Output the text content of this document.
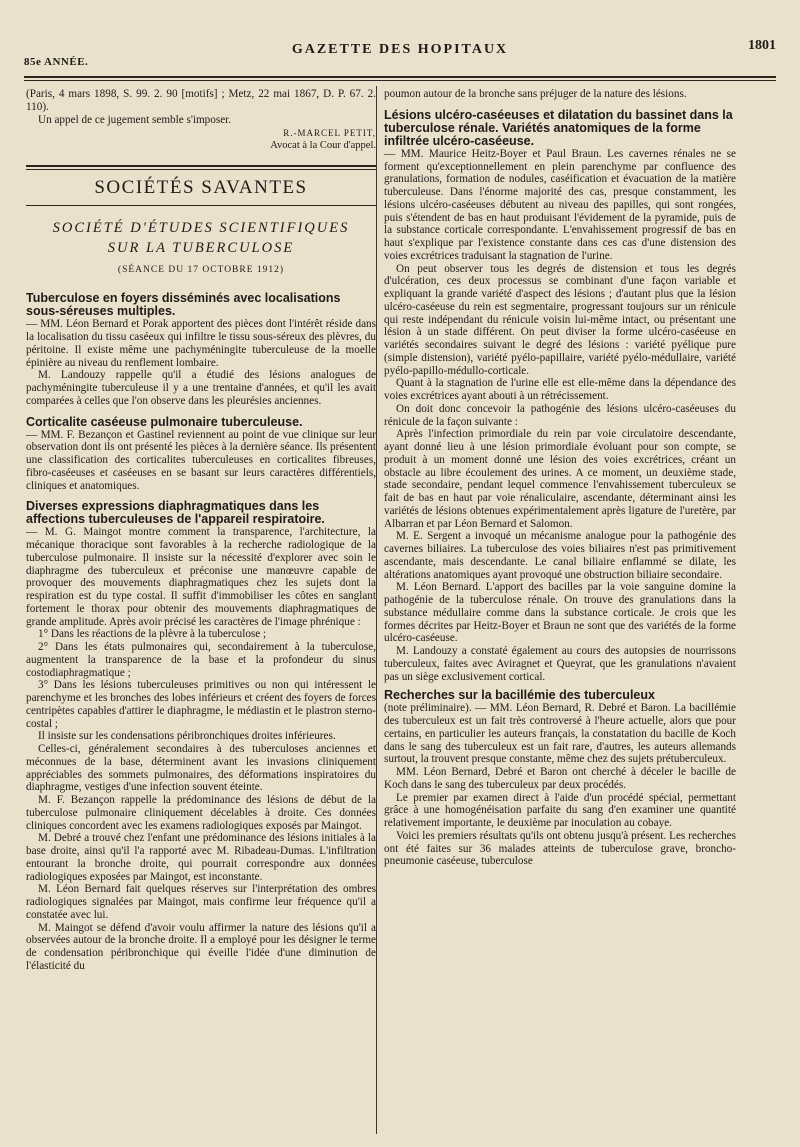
85e ANNÉE.
GAZETTE DES HOPITAUX	1801

(Paris, 4 mars 1898, S. 99. 2. 90 [motifs] ; Metz, 22 mai 1867, D. P. 67. 2. 110).

Un appel de ce jugement semble s'imposer.

R.-MARCEL PETIT,
Avocat à la Cour d'appel.
SOCIÉTÉS SAVANTES
SOCIÉTÉ D'ÉTUDES SCIENTIFIQUES
SUR LA TUBERCULOSE
(SÉANCE DU 17 OCTOBRE 1912)
Tuberculose en foyers disséminés avec localisations sous-séreuses multiples.

— MM. Léon Bernard et Porak apportent des pièces dont l'intérêt réside dans la localisation du tissu caséeux qui infiltre le tissu sous-séreux des plèvres, du péritoine. Il existe même une pachyméningite tuberculeuse de la moelle épinière au niveau du renflement lombaire.

M. Landouzy rappelle qu'il a étudié des lésions analogues de pachyméningite tuberculeuse il y a une trentaine d'années, et qu'il les avait comparées à celles que l'on observe dans les pleurésies anciennes.

Corticalite caséeuse pulmonaire tuberculeuse.

— MM. F. Bezançon et Gastinel reviennent au point de vue clinique sur leur observation dont ils ont présenté les pièces à la dernière séance. Ils présentent une classification des corticalites tuberculeuses en corticalites fibreuses, fibro-caséeuses et caséeuses en se basant sur leurs caractères différentiels, cliniques et anatomiques.

Diverses expressions diaphragmatiques dans les affections tuberculeuses de l'appareil respiratoire.

— M. G. Maingot montre comment la transparence, l'architecture, la mécanique thoracique sont favorables à la recherche radiologique de la tuberculose pulmonaire. Il insiste sur la nécessité d'explorer avec soin le diaphragme des tuberculeux et préconise une manœuvre capable de provoquer des mouvements diaphragmatiques chez les sujets dont la respiration est du type costal. Il suffit d'immobiliser les côtes en sanglant fortement le thorax pour obtenir des mouvements diaphragmatiques de grande amplitude. Après avoir précisé les caractères de l'image phrénique :

1° Dans les réactions de la plèvre à la tuberculose ;

2° Dans les états pulmonaires qui, secondairement à la tuberculose, augmentent la transparence de la base et la profondeur du sinus costodiaphragmatique ;

3° Dans les lésions tuberculeuses primitives ou non qui intéressent le parenchyme et les bronches des lobes inférieurs et créent des foyers de forces centripètes capables d'attirer le diaphragme, le médiastin et le plastron sterno-costal ;

Il insiste sur les condensations péribronchiques droites inférieures.

Celles-ci, généralement secondaires à des tuberculoses anciennes et méconnues de la base, déterminent avant les invasions cliniquement appréciables des sommets pulmonaires, des déformations inspiratoires du diaphragme, vestiges d'une infection souvent éteinte.

M. F. Bezançon rappelle la prédominance des lésions de début de la tuberculose pulmonaire cliniquement décelables à droite. Ces données cliniques concordent avec les examens radiologiques exposés par Maingot.

M. Debré a trouvé chez l'enfant une prédominance des lésions initiales à la base droite, ainsi qu'il l'a rapporté avec M. Ribadeau-Dumas. L'infiltration entourant la bronche droite, qui pourrait correspondre aux données radiologiques exposées par Maingot, est inconstante.

M. Léon Bernard fait quelques réserves sur l'interprétation des ombres radiologiques signalées par Maingot, mais confirme leur fréquence qu'il a constatée avec lui.

M. Maingot se défend d'avoir voulu affirmer la nature des lésions qu'il a observées autour de la bronche droite. Il a employé pour les désigner le terme de condensation péribronchique qui éveille l'idée d'une diminution de l'élasticité du

poumon autour de la bronche sans préjuger de la nature des lésions.

Lésions ulcéro-caséeuses et dilatation du bassinet dans la tuberculose rénale. Variétés anatomiques de la forme infiltrée ulcéro-caséeuse.

— MM. Maurice Heitz-Boyer et Paul Braun. Les cavernes rénales ne se forment qu'exceptionnellement en plein parenchyme par confluence des granulations, formation de nodules, caséification et évacuation de la matière tuberculeuse. Dans l'énorme majorité des cas, presque constamment, les lésions ulcéro-caséeuses débutent au niveau des papilles, qui sont rongées, puis s'étendent de bas en haut produisant l'évidement de la pyramide, puis de la substance corticale correspondante. L'envahissement progressif de bas en haut s'explique par l'existence constante dans ces cas d'une distension des voies excrétrices traduisant la stagnation de l'urine.

On peut observer tous les degrés de distension et tous les degrés d'ulcération, ces deux processus se combinant d'une façon variable et expliquant la grande variété d'aspect des lésions ; d'autant plus que la lésion ulcéro-caséeuse du rein est segmentaire, progressant toujours sur un rénicule qui reste indépendant du rénicule voisin lui-même intact, ou présentant une lésion à un stade différent. On peut diviser la forme ulcéro-caséeuse en variétés secondaires suivant le degré des lésions : variété pyélique pure (simple distension), variété pyélo-papillaire, variété pyélo-médullaire, variété pyélo-papillo-médullo-corticale.

Quant à la stagnation de l'urine elle est elle-même dans la dépendance des voies excrétrices ayant abouti à un rétrécissement.

On doit donc concevoir la pathogénie des lésions ulcéro-caséeuses du rénicule de la façon suivante :

Après l'infection primordiale du rein par voie circulatoire descendante, ayant donné lieu à une lésion primordiale évoluant pour son compte, se produit à un moment donné une lésion des voies excrétrices, créant un obstacle au libre écoulement des urines. A ce moment, un deuxième stade, stade secondaire, pendant lequel commence l'envahissement tuberculeux se fait de bas en haut par voie rénaliculaire, ascendante, déterminant ainsi les variétés de lésions obtenues expérimentalement après ligature de l'uretère, par Albarran et par Léon Bernard et Salomon.

M. E. Sergent a invoqué un mécanisme analogue pour la pathogénie des cavernes biliaires. La tuberculose des voies biliaires n'est pas primitivement ascendante, mais descendante. Le canal biliaire enflammé se dilate, les altérations anatomiques ayant provoqué une obstruction biliaire secondaire.

M. Léon Bernard. L'apport des bacilles par la voie sanguine domine la pathogénie de la tuberculose rénale. On trouve des granulations dans la substance médullaire comme dans la substance corticale. Je crois que les formes décrites par Heitz-Boyer et Braun ne sont que des variétés de la forme ulcéro-caséeuse.

M. Landouzy a constaté également au cours des autopsies de nourrissons tuberculeux, faites avec Aviragnet et Queyrat, que les granulations n'avaient pas un siège exclusivement cortical.

Recherches sur la bacillémie des tuberculeux

(note préliminaire). — MM. Léon Bernard, R. Debré et Baron. La bacillémie des tuberculeux est un fait très controversé à l'heure actuelle, alors que pour certains, en particulier les auteurs français, la constatation du bacille de Koch dans le sang des tuberculeux est un fait rare, d'autres, les auteurs allemands surtout, la trouvent presque constante, même chez des sujets prétuberculeux.

MM. Léon Bernard, Debré et Baron ont cherché à déceler le bacille de Koch dans le sang des tuberculeux par deux procédés.

Le premier par examen direct à l'aide d'un procédé spécial, permettant grâce à une homogénéisation parfaite du sang d'en examiner une quantité relativement importante, le deuxième par inoculation au cobaye.

Voici les premiers résultats qu'ils ont obtenu jusqu'à présent. Les recherches ont été faites sur 36 malades atteints de tuberculose grave, broncho-pneumonie caséeuse, tuberculose
